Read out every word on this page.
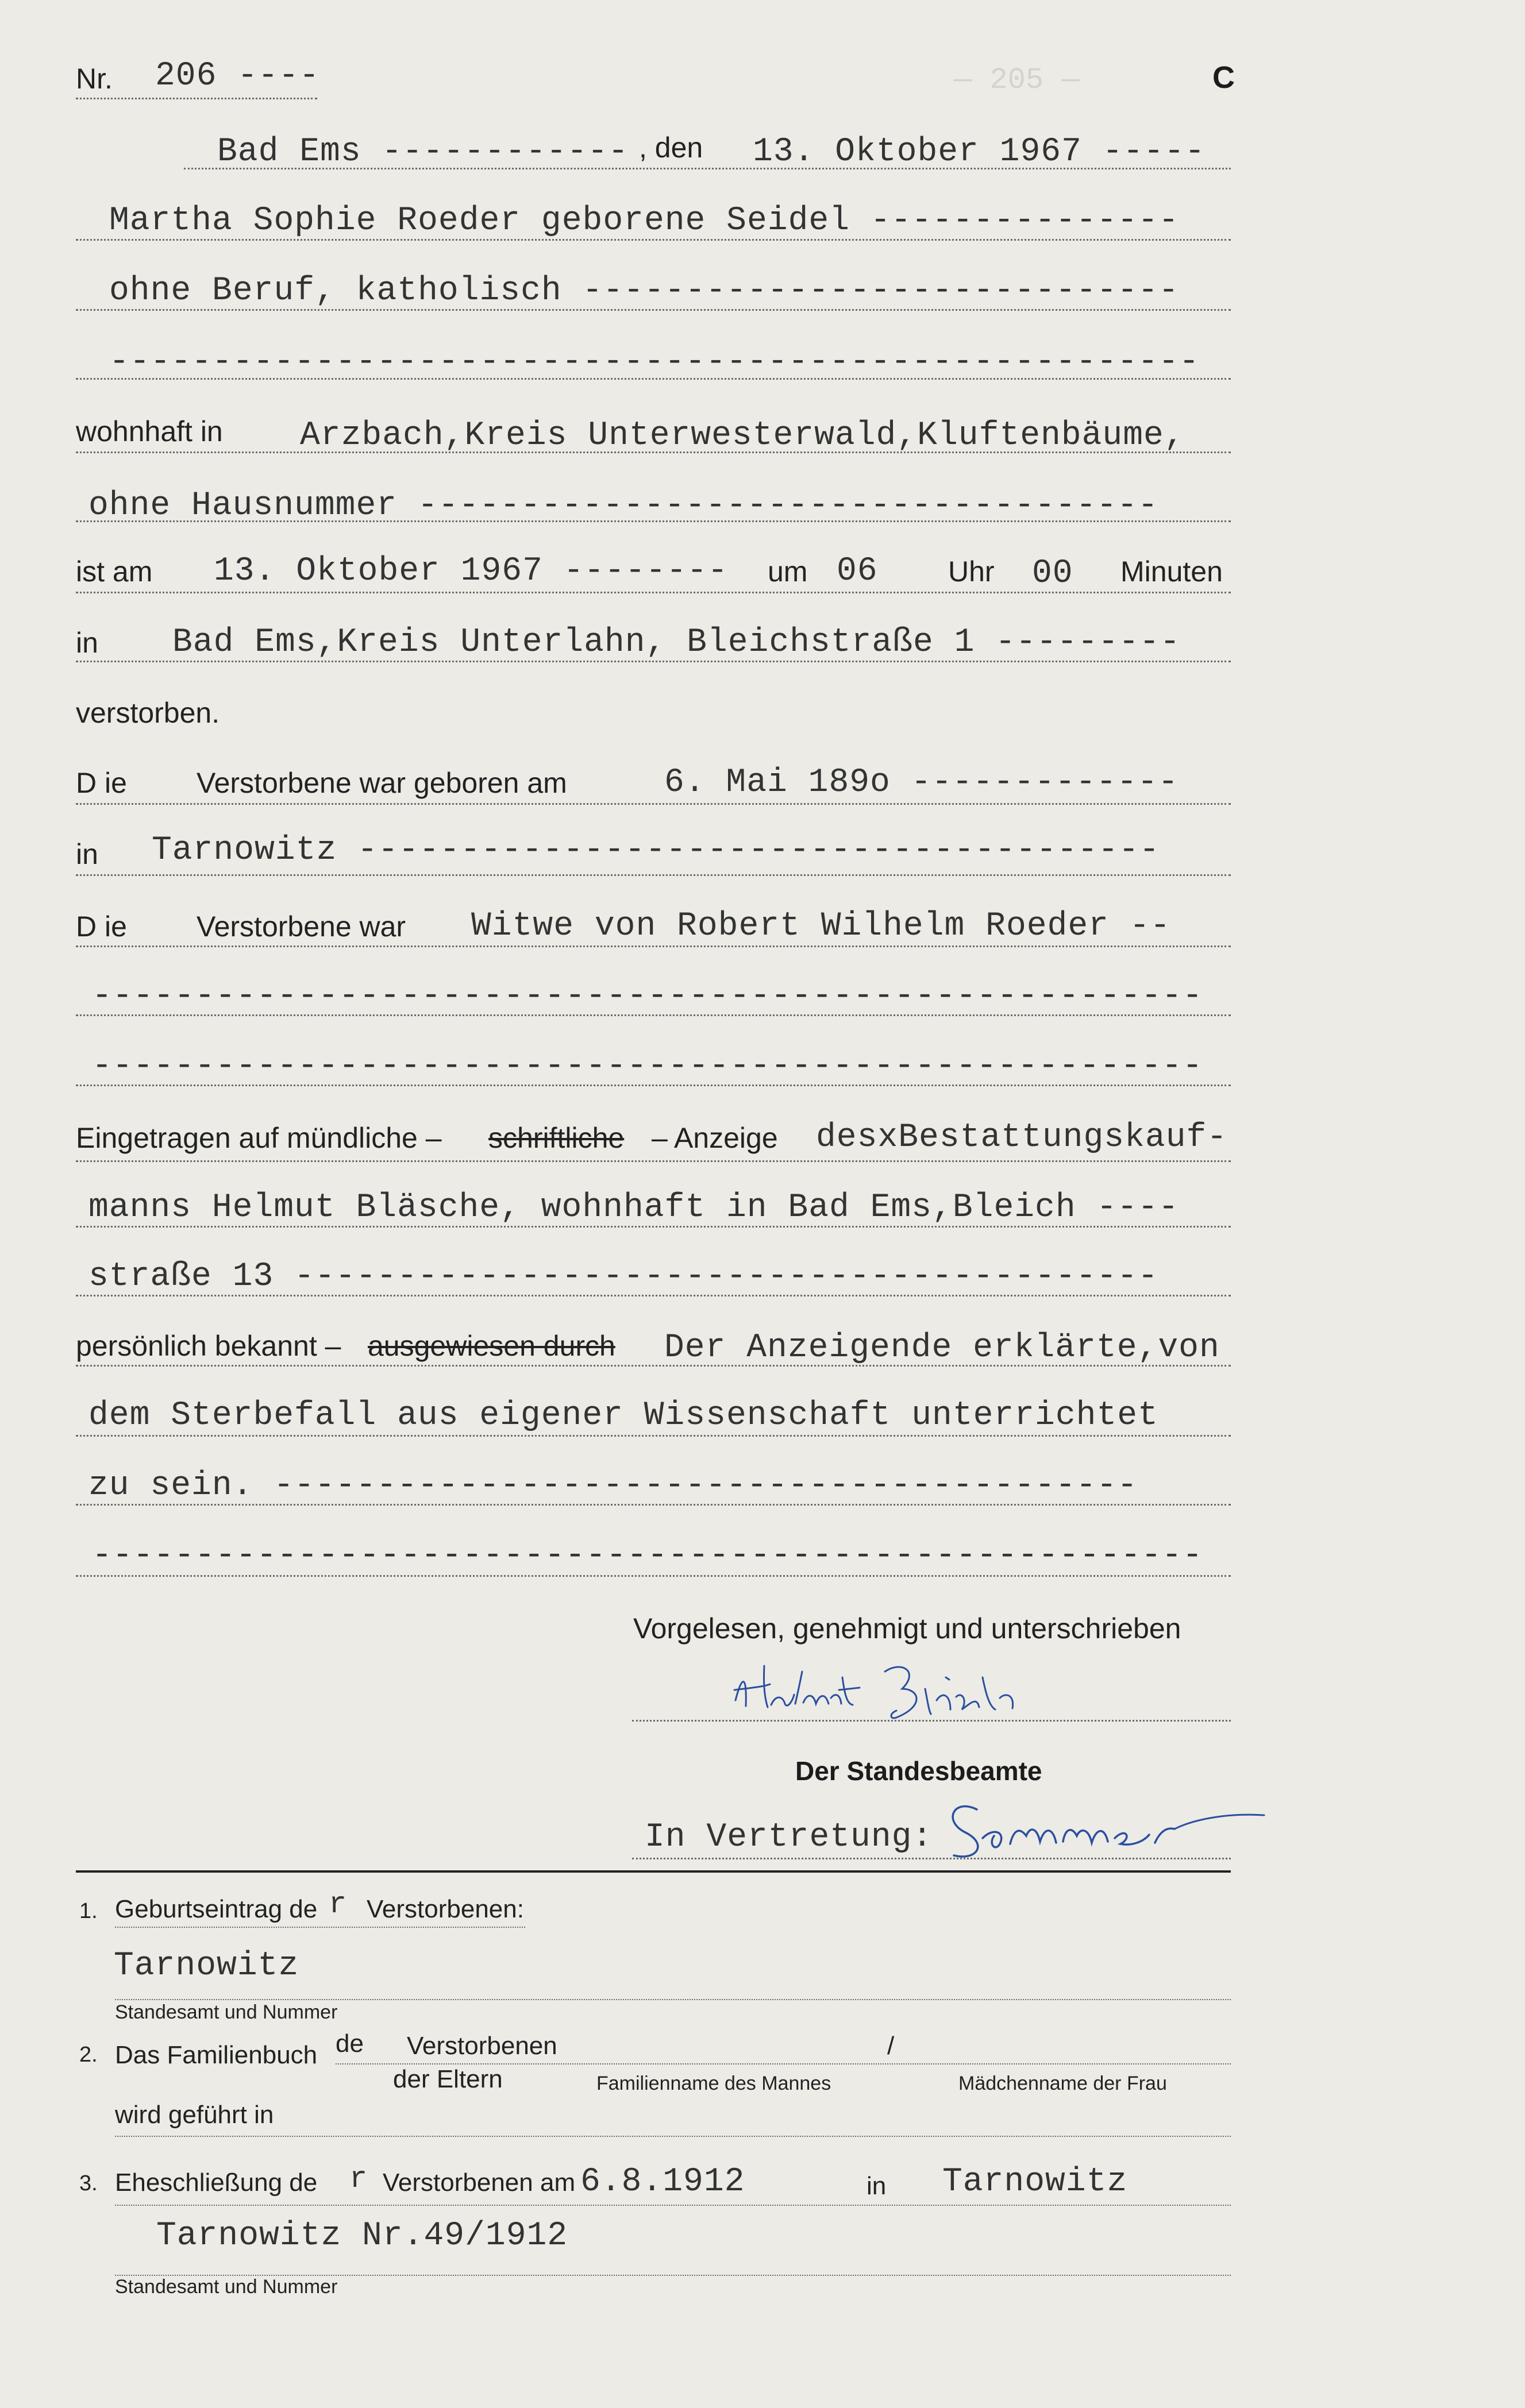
— 205 —
Nr. 206 ----	C
Bad Ems ------------ , den 13. Oktober 1967 -----
Martha Sophie Roeder geborene Seidel ---------------
ohne Beruf, katholisch -----------------------------
-----------------------------------------------------
wohnhaft in Arzbach,Kreis Unterwesterwald,Kluftenbäume,
ohne Hausnummer ------------------------------------
ist am 13. Oktober 1967 -------- um 06 Uhr 00 Minuten
in Bad Ems,Kreis Unterlahn, Bleichstraße 1 ---------
verstorben.
D ie Verstorbene war geboren am	6. Mai 189o -------------
in Tarnowitz ---------------------------------------
D ie Verstorbene war Witwe von Robert Wilhelm Roeder --
------------------------------------------------------
------------------------------------------------------
Eingetragen auf mündliche – schriftliche – Anzeige desxBestattungskauf-
manns Helmut Bläsche, wohnhaft in Bad Ems,Bleich ----
straße 13 ------------------------------------------
persönlich bekannt – ausgewiesen durch Der Anzeigende erklärte,von
dem Sterbefall aus eigener Wissenschaft unterrichtet
zu sein. ------------------------------------------
------------------------------------------------------
Vorgelesen, genehmigt und unterschrieben
Der Standesbeamte
In Vertretung:
1. Geburtseintrag de r Verstorbenen:
Tarnowitz
Standesamt und Nummer
2. Das Familienbuch de Verstorbenen	/
der Eltern	Familienname des Mannes	Mädchenname der Frau
wird geführt in
3. Eheschließung de r Verstorbenen am 6.8.1912	in Tarnowitz
Tarnowitz Nr.49/1912
Standesamt und Nummer
